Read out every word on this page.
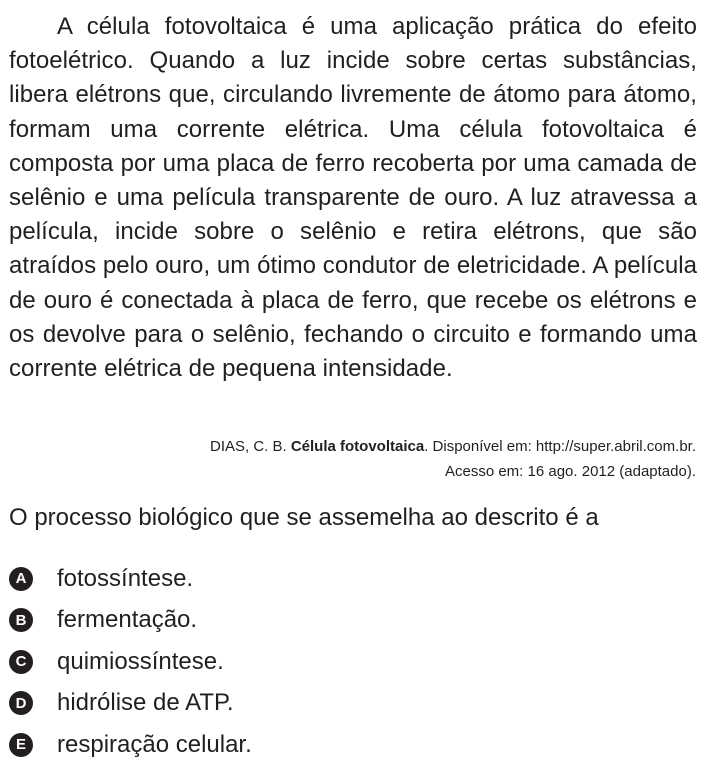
A célula fotovoltaica é uma aplicação prática do efeito fotoelétrico. Quando a luz incide sobre certas substâncias, libera elétrons que, circulando livremente de átomo para átomo, formam uma corrente elétrica. Uma célula fotovoltaica é composta por uma placa de ferro recoberta por uma camada de selênio e uma película transparente de ouro. A luz atravessa a película, incide sobre o selênio e retira elétrons, que são atraídos pelo ouro, um ótimo condutor de eletricidade. A película de ouro é conectada à placa de ferro, que recebe os elétrons e os devolve para o selênio, fechando o circuito e formando uma corrente elétrica de pequena intensidade.

DIAS, C. B. Célula fotovoltaica. Disponível em: http://super.abril.com.br.
Acesso em: 16 ago. 2012 (adaptado).

O processo biológico que se assemelha ao descrito é a

A fotossíntese.
B fermentação.
C quimiossíntese.
D hidrólise de ATP.
E respiração celular.
